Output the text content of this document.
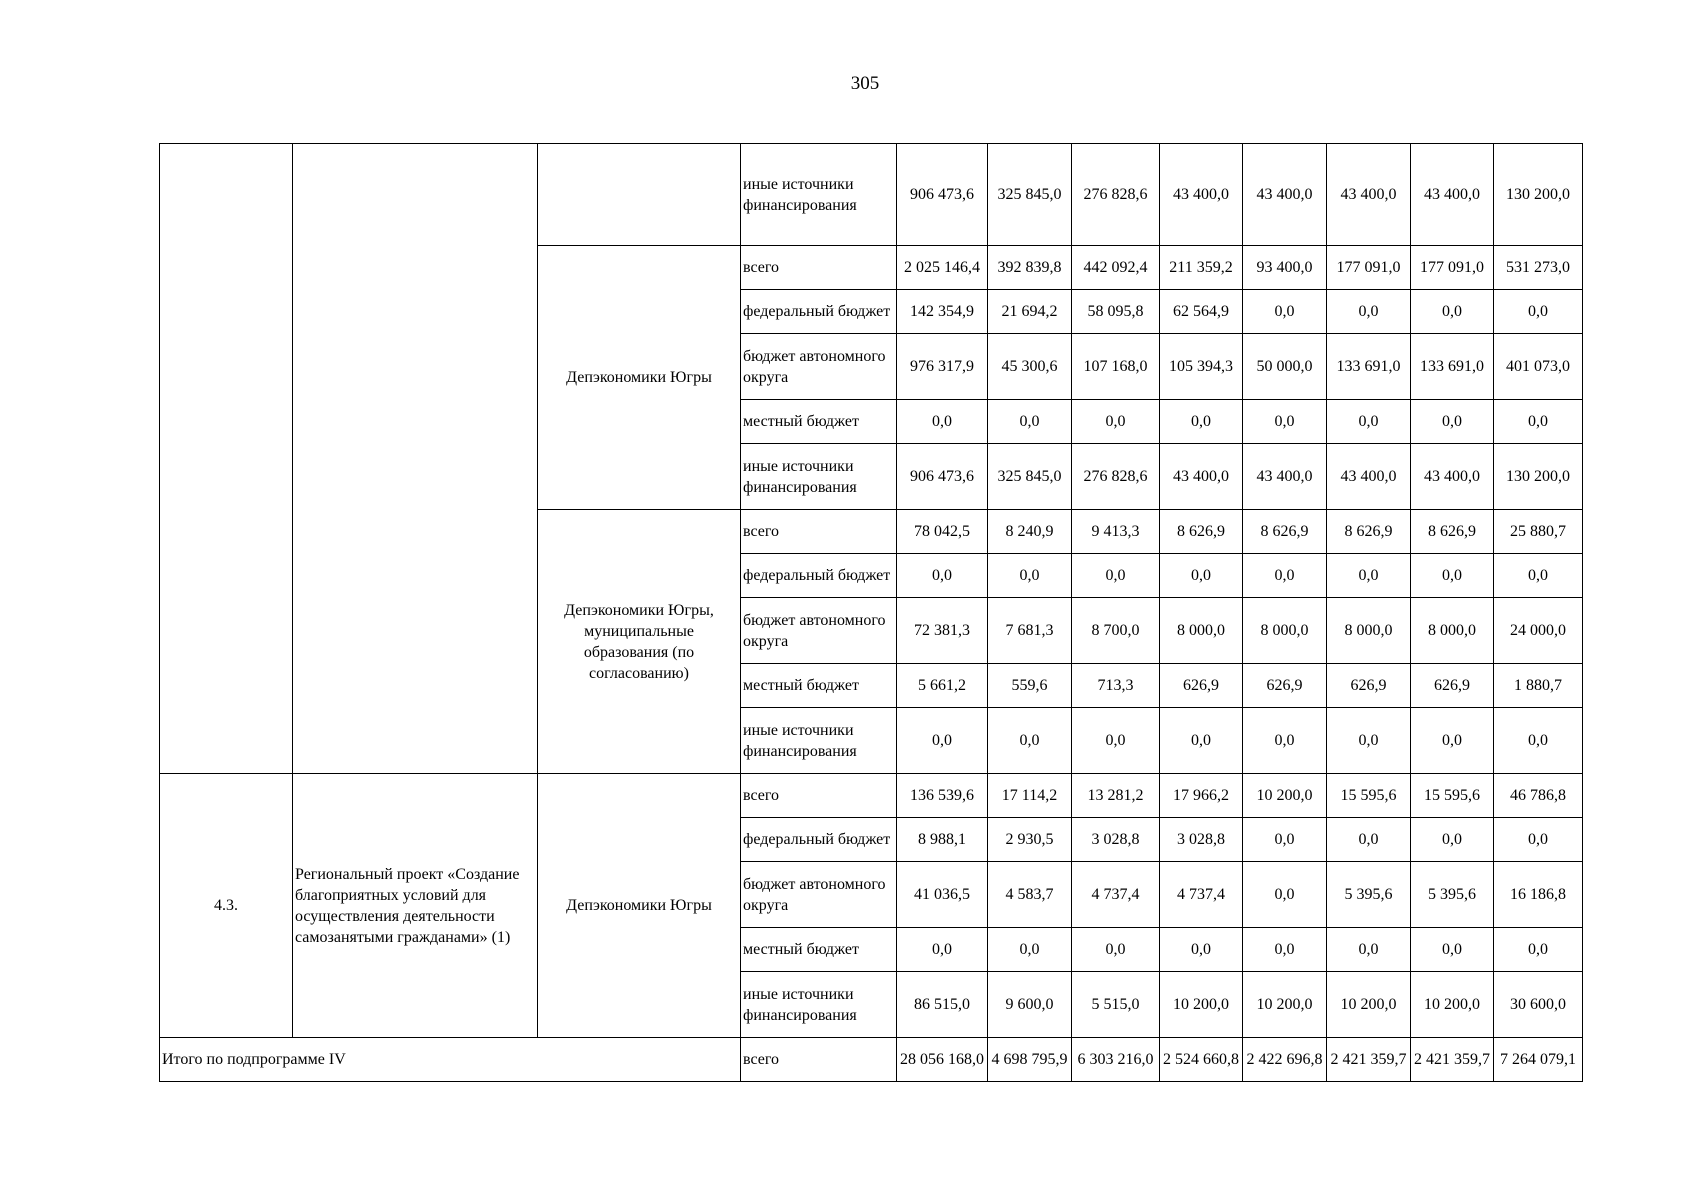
305
			иные источники финансирования	906 473,6	325 845,0	276 828,6	43 400,0	43 400,0	43 400,0	43 400,0	130 200,0
		Депэкономики Югры	всего	2 025 146,4	392 839,8	442 092,4	211 359,2	93 400,0	177 091,0	177 091,0	531 273,0
			федеральный бюджет	142 354,9	21 694,2	58 095,8	62 564,9	0,0	0,0	0,0	0,0
			бюджет автономного округа	976 317,9	45 300,6	107 168,0	105 394,3	50 000,0	133 691,0	133 691,0	401 073,0
			местный бюджет	0,0	0,0	0,0	0,0	0,0	0,0	0,0	0,0
			иные источники финансирования	906 473,6	325 845,0	276 828,6	43 400,0	43 400,0	43 400,0	43 400,0	130 200,0
		Депэкономики Югры, муниципальные образования (по согласованию)	всего	78 042,5	8 240,9	9 413,3	8 626,9	8 626,9	8 626,9	8 626,9	25 880,7
			федеральный бюджет	0,0	0,0	0,0	0,0	0,0	0,0	0,0	0,0
			бюджет автономного округа	72 381,3	7 681,3	8 700,0	8 000,0	8 000,0	8 000,0	8 000,0	24 000,0
			местный бюджет	5 661,2	559,6	713,3	626,9	626,9	626,9	626,9	1 880,7
			иные источники финансирования	0,0	0,0	0,0	0,0	0,0	0,0	0,0	0,0
4.3.	Региональный проект «Создание благоприятных условий для осуществления деятельности самозанятыми гражданами» (1)	Депэкономики Югры	всего	136 539,6	17 114,2	13 281,2	17 966,2	10 200,0	15 595,6	15 595,6	46 786,8
			федеральный бюджет	8 988,1	2 930,5	3 028,8	3 028,8	0,0	0,0	0,0	0,0
			бюджет автономного округа	41 036,5	4 583,7	4 737,4	4 737,4	0,0	5 395,6	5 395,6	16 186,8
			местный бюджет	0,0	0,0	0,0	0,0	0,0	0,0	0,0	0,0
			иные источники финансирования	86 515,0	9 600,0	5 515,0	10 200,0	10 200,0	10 200,0	10 200,0	30 600,0
Итого по подпрограмме IV			всего	28 056 168,0	4 698 795,9	6 303 216,0	2 524 660,8	2 422 696,8	2 421 359,7	2 421 359,7	7 264 079,1
